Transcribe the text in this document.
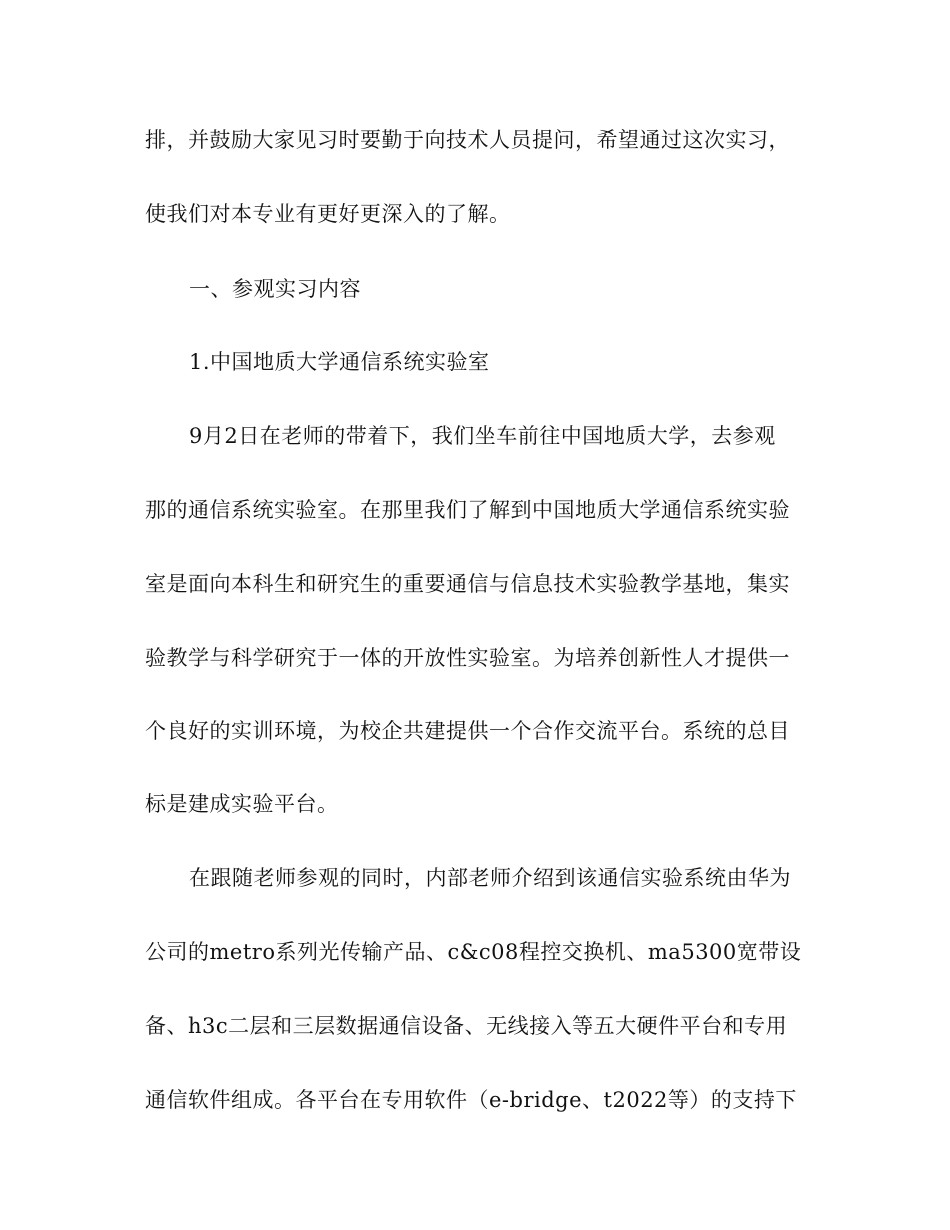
排，并鼓励大家见习时要勤于向技术人员提问，希望通过这次实习，
使我们对本专业有更好更深入的了解。
一、参观实习内容
1.中国地质大学通信系统实验室
9月2日在老师的带着下，我们坐车前往中国地质大学，去参观
那的通信系统实验室。在那里我们了解到中国地质大学通信系统实验
室是面向本科生和研究生的重要通信与信息技术实验教学基地，集实
验教学与科学研究于一体的开放性实验室。为培养创新性人才提供一
个良好的实训环境，为校企共建提供一个合作交流平台。系统的总目
标是建成实验平台。
在跟随老师参观的同时，内部老师介绍到该通信实验系统由华为
公司的metro系列光传输产品、c&c08程控交换机、ma5300宽带设
备、h3c二层和三层数据通信设备、无线接入等五大硬件平台和专用
通信软件组成。各平台在专用软件（e-bridge、t2022等）的支持下
